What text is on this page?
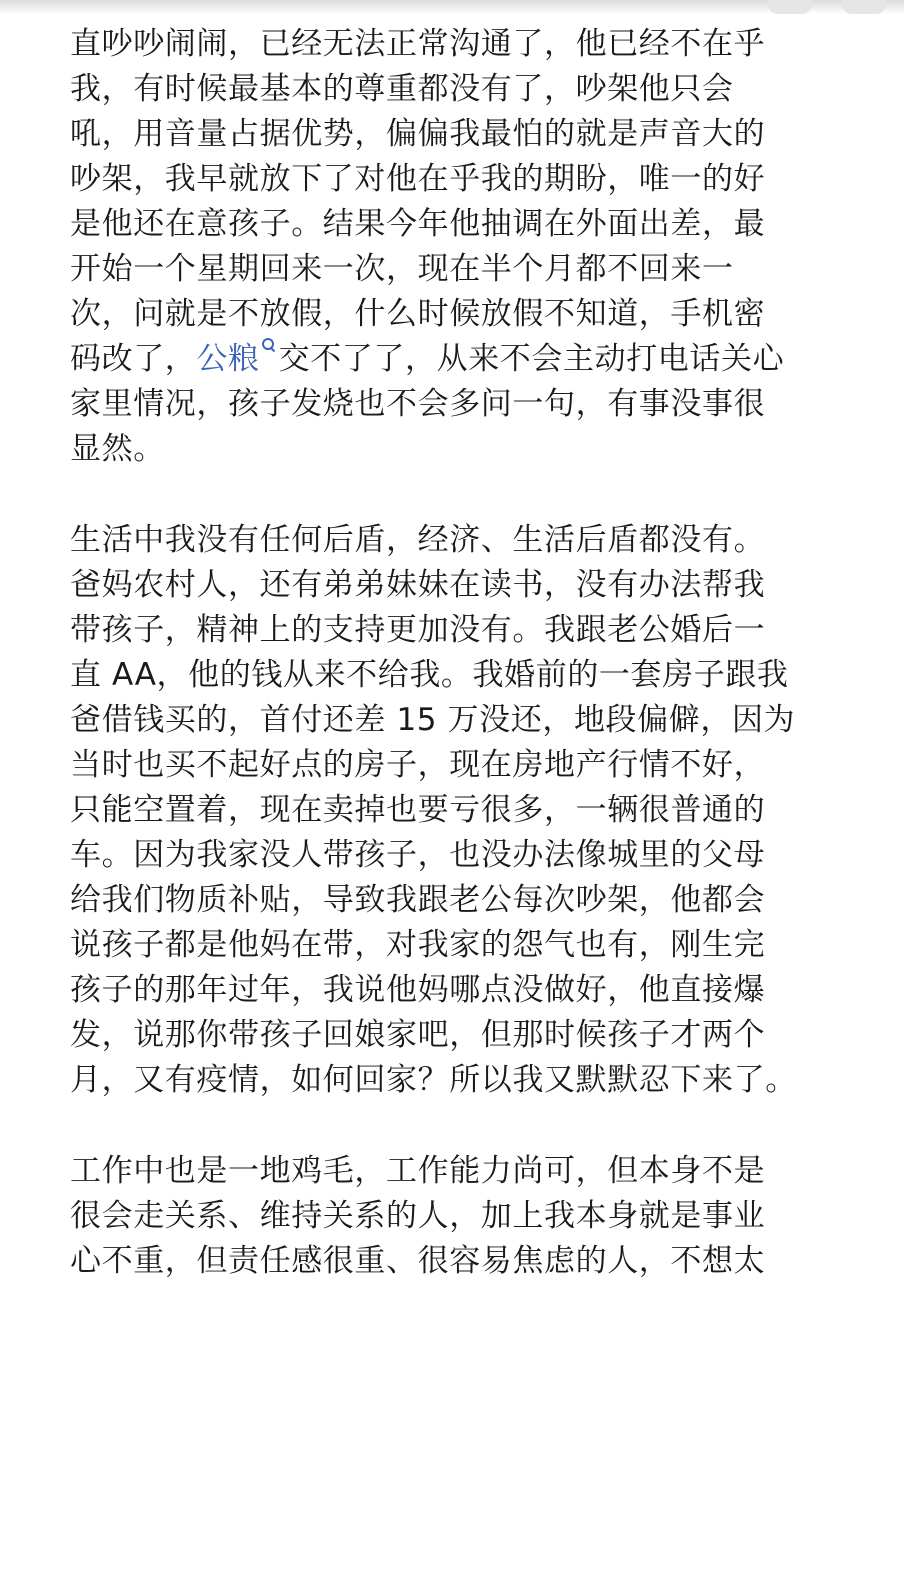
直吵吵闹闹，已经无法正常沟通了，他已经不在乎
我，有时候最基本的尊重都没有了，吵架他只会
吼，用音量占据优势，偏偏我最怕的就是声音大的
吵架，我早就放下了对他在乎我的期盼，唯一的好
是他还在意孩子。结果今年他抽调在外面出差，最
开始一个星期回来一次，现在半个月都不回来一
次，问就是不放假，什么时候放假不知道，手机密
码改了，公粮 交不了了，从来不会主动打电话关心
家里情况，孩子发烧也不会多问一句，有事没事很
显然。

生活中我没有任何后盾，经济、生活后盾都没有。
爸妈农村人，还有弟弟妹妹在读书，没有办法帮我
带孩子，精神上的支持更加没有。我跟老公婚后一
直 AA，他的钱从来不给我。我婚前的一套房子跟我
爸借钱买的，首付还差 15 万没还，地段偏僻，因为
当时也买不起好点的房子，现在房地产行情不好，
只能空置着，现在卖掉也要亏很多，一辆很普通的
车。因为我家没人带孩子，也没办法像城里的父母
给我们物质补贴，导致我跟老公每次吵架，他都会
说孩子都是他妈在带，对我家的怨气也有，刚生完
孩子的那年过年，我说他妈哪点没做好，他直接爆
发，说那你带孩子回娘家吧，但那时候孩子才两个
月，又有疫情，如何回家？所以我又默默忍下来了。

工作中也是一地鸡毛，工作能力尚可，但本身不是
很会走关系、维持关系的人，加上我本身就是事业
心不重，但责任感很重、很容易焦虑的人，不想太
